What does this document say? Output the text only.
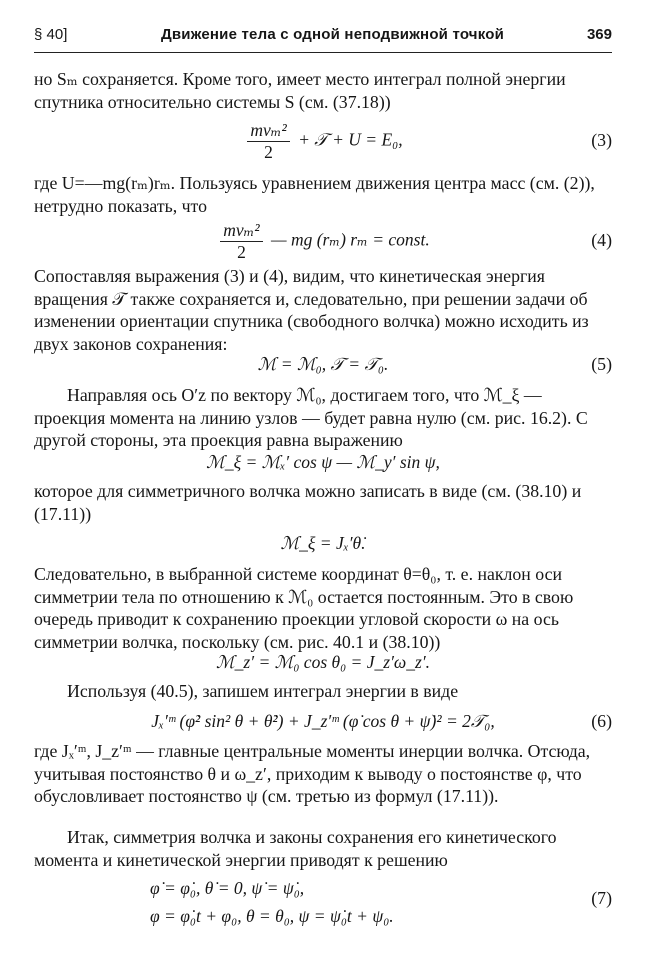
§ 40]	Движение тела с одной неподвижной точкой	369

но Sₘ сохраняется. Кроме того, имеет место интеграл полной энергии спутника относительно системы S (см. (37.18))

$\frac{\text{mvₘ²}}{2}$ + 𝒯 + U = E₀,	(3)

где U=—mg(rₘ)rₘ. Пользуясь уравнением движения центра масс (см. (2)), нетрудно показать, что

$\frac{\text{mvₘ²}}{2}$ — mg (rₘ) rₘ = const.	(4)

Сопоставляя выражения (3) и (4), видим, что кинетическая энергия вращения 𝒯 также сохраняется и, следовательно, при решении задачи об изменении ориентации спутника (свободного волчка) можно исходить из двух законов сохранения:

ℳ = ℳ₀, 𝒯 = 𝒯₀.	(5)

Направляя ось O′z по вектору ℳ₀, достигаем того, что ℳ_ξ — проекция момента на линию узлов — будет равна нулю (см. рис. 16.2). С другой стороны, эта проекция равна выражению

ℳ_ξ = ℳₓ′ cos ψ — ℳ_y′ sin ψ,

которое для симметричного волчка можно записать в виде (см. (38.10) и (17.11))

ℳ_ξ = Jₓ′θ̇.

Следовательно, в выбранной системе координат θ=θ₀, т. е. наклон оси симметрии тела по отношению к ℳ₀ остается постоянным. Это в свою очередь приводит к сохранению проекции угловой скорости ω на ось симметрии волчка, поскольку (см. рис. 40.1 и (38.10))

ℳ_z′ = ℳ₀ cos θ₀ = J_z′ω_z′.

Используя (40.5), запишем интеграл энергии в виде

Jₓ′ᵐ (φ̇² sin² θ + θ̇²) + J_z′ᵐ (φ̇ cos θ + ψ̇)² = 2𝒯₀,	(6)

где Jₓ′ᵐ, J_z′ᵐ — главные центральные моменты инерции волчка. Отсюда, учитывая постоянство θ и ω_z′, приходим к выводу о постоянстве φ, что обусловливает постоянство ψ (см. третью из формул (17.11)).

Итак, симметрия волчка и законы сохранения его кинетического момента и кинетической энергии приводят к решению

φ̇ = φ̇₀, θ̇ = 0, ψ̇ = ψ̇₀,
φ = φ̇₀t + φ₀, θ = θ₀, ψ = ψ̇₀t + ψ₀.
(7)
